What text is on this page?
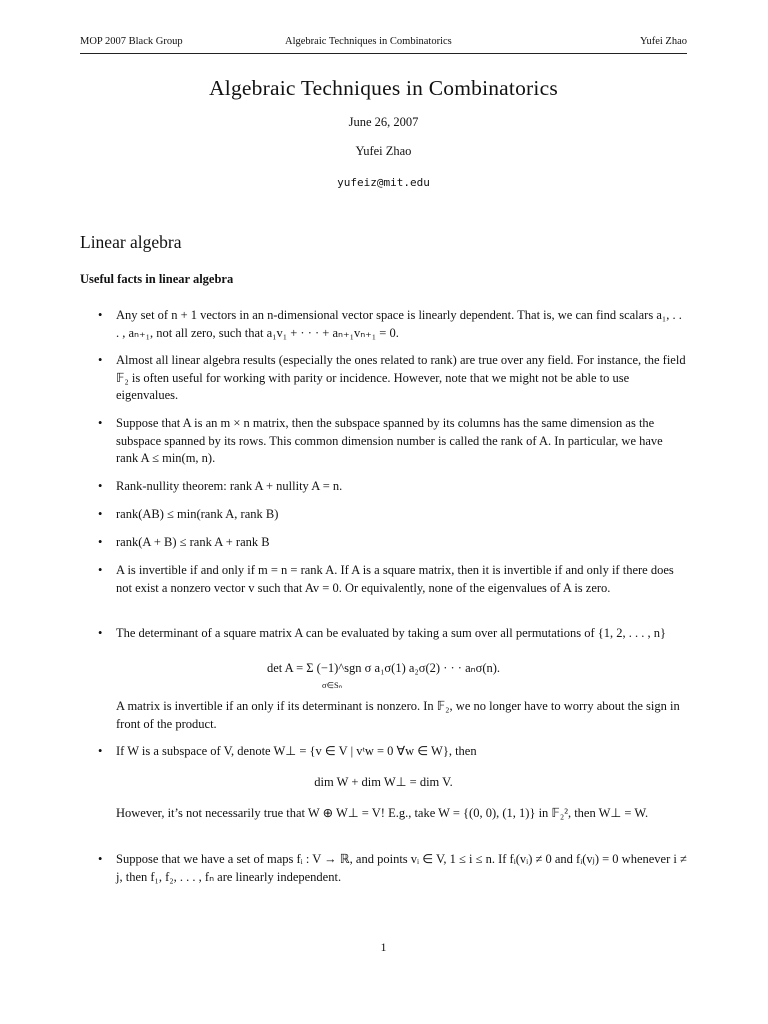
MOP 2007 Black Group	Algebraic Techniques in Combinatorics	Yufei Zhao
Algebraic Techniques in Combinatorics
June 26, 2007
Yufei Zhao
yufeiz@mit.edu
Linear algebra
Useful facts in linear algebra
• Any set of n + 1 vectors in an n-dimensional vector space is linearly dependent. That is, we can find scalars a₁, . . . , aₙ₊₁, not all zero, such that a₁v₁ + · · · + aₙ₊₁vₙ₊₁ = 0.
• Almost all linear algebra results (especially the ones related to rank) are true over any field. For instance, the field 𝔽₂ is often useful for working with parity or incidence. However, note that we might not be able to use eigenvalues.
• Suppose that A is an m × n matrix, then the subspace spanned by its columns has the same dimension as the subspace spanned by its rows. This common dimension number is called the rank of A. In particular, we have rank A ≤ min(m, n).
• Rank-nullity theorem: rank A + nullity A = n.
• rank(AB) ≤ min(rank A, rank B)
• rank(A + B) ≤ rank A + rank B
• A is invertible if and only if m = n = rank A. If A is a square matrix, then it is invertible if and only if there does not exist a nonzero vector v such that Av = 0. Or equivalently, none of the eigenvalues of A is zero.
• The determinant of a square matrix A can be evaluated by taking a sum over all permutations of {1, 2, . . . , n}
det A = Σ (−1)^sgn σ a₁σ(1) a₂σ(2) · · · aₙσ(n).
σ∈Sₙ
A matrix is invertible if an only if its determinant is nonzero. In 𝔽₂, we no longer have to worry about the sign in front of the product.
• If W is a subspace of V, denote W⊥ = {v ∈ V | vᵗw = 0 ∀w ∈ W}, then
dim W + dim W⊥ = dim V.
However, it’s not necessarily true that W ⊕ W⊥ = V! E.g., take W = {(0, 0), (1, 1)} in 𝔽₂², then W⊥ = W.
• Suppose that we have a set of maps fᵢ : V → ℝ, and points vᵢ ∈ V, 1 ≤ i ≤ n. If fᵢ(vᵢ) ≠ 0 and fᵢ(vⱼ) = 0 whenever i ≠ j, then f₁, f₂, . . . , fₙ are linearly independent.
1
